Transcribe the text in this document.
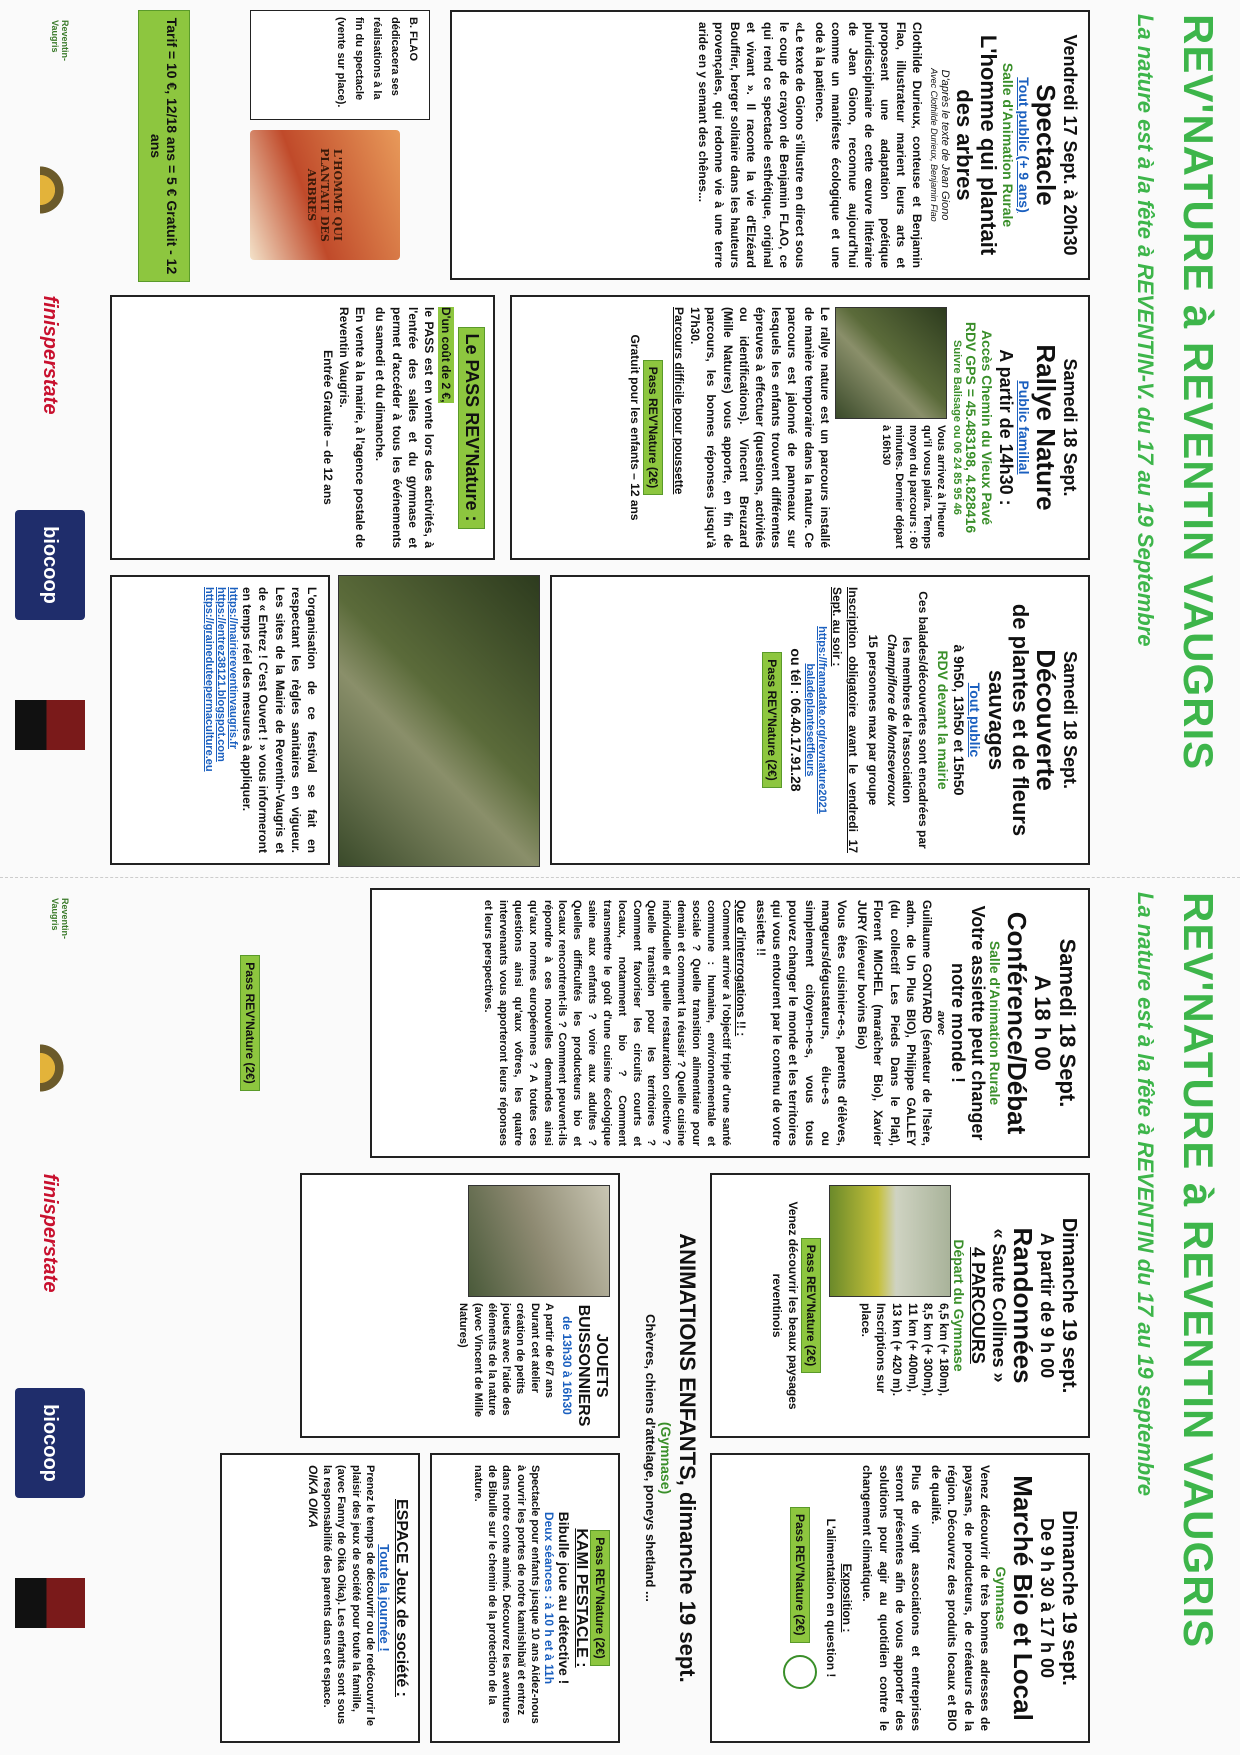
REV'NATURE à REVENTIN VAUGRIS
La nature est à la fête à REVENTIN-V. du 17 au 19 Septembre
Vendredi 17 Sept. à 20h30
Spectacle
Tout public (+ 9 ans)
Salle d'Animation Rurale
L'homme qui plantait des arbres
D'après le texte de Jean Giono
Avec Clothilde Durieux, Benjamin Flao
Clothilde Durieux, conteuse et Benjamin Flao, illustrateur marient leurs arts et proposent une adaptation poétique pluridisciplinaire de cette œuvre littéraire de Jean Giono, reconnue aujourd'hui comme un manifeste écologique et une ode à la patience.
«Le texte de Giono s'illustre en direct sous le coup de crayon de Benjamin FLAO, ce qui rend ce spectacle esthétique, original et vivant ». Il raconte la vie d'Elzéard Bouffier, berger solitaire dans les hauteurs provençales, qui redonne vie à une terre aride en y semant des chênes...
L'HOMME QUI PLANTAIT DES ARBRES
B. FLAO dédicacera ses réalisations à la fin du spectacle (vente sur place).
Tarif = 10 €, 12/18 ans = 5 € Gratuit - 12 ans
Samedi 18 Sept.
Rallye Nature
Public familial
A partir de 14h30 :
Accès Chemin du Vieux Pavé
RDV GPS = 45.483198, 4.828416
Suivre Balisage ou 06 24 85 95 46
Vous arrivez à l'heure qu'il vous plaira. Temps moyen du parcours : 60 minutes. Dernier départ à 16h30
Le rallye nature est un parcours installé de manière temporaire dans la nature. Ce parcours est jalonné de panneaux sur lesquels les enfants trouvent différentes épreuves à effectuer (questions, activités ou identifications). Vincent Breuzard (Mille Natures) vous apporte, en fin de parcours, les bonnes réponses jusqu'à 17h30.
Parcours difficile pour poussette
Pass REV'Nature (2€)
Gratuit pour les enfants – 12 ans
Le PASS REV'Nature :
D'un coût de 2 €,
le PASS est en vente lors des activités, à l'entrée des salles et du gymnase et permet d'accéder à tous les événements du samedi et du dimanche.
En vente à la mairie, à l'agence postale de Reventin Vaugris.
Entrée Gratuite – de 12 ans
Samedi 18 Sept.
Découverte
de plantes et de fleurs sauvages
Tout public
à 9h50, 13h50 et 15h50
RDV devant la mairie
Ces balades/découvertes sont encadrées par les membres de l'association
Champiflore de Montseveroux
15 personnes max par groupe
Inscription obligatoire avant le vendredi 17 Sept. au soir :
https://framadate.org/revnature2021
baladeplantesetfleurs
ou tél : 06.40.17.91.28
Pass REV'Nature (2€)
L'organisation de ce festival se fait en respectant les règles sanitaires en vigueur. Les sites de la Mairie de Reventin-Vaugris et de « Entrez ! C'est Ouvert ! » vous informeront en temps réel des mesures à appliquer.
https://mairiereventinvaugris.fr
https://entrez38121.blogspot.com
https://graineduteepermaculture.eu
Reventin-Vaugris
finisperstate
biocoop
REV'NATURE à REVENTIN VAUGRIS
La nature est à la fête à REVENTIN du 17 au 19 septembre
Samedi 18 Sept.
A 18 h 00
Conférence/Débat
Salle d'Animation Rurale
Votre assiette peut changer notre monde !
avec
Guillaume GONTARD (sénateur de l'Isère, adm. de Un Plus BIO), Philippe GALLEY (du collectif Les Pieds Dans le Plat), Florent MICHEL (maraîcher Bio), Xavier JURY (éleveur bovins Bio)
Vous êtes cuisinier-e-s, parents d'élèves, mangeurs/dégustateurs, élu-e-s ou simplement citoyen-ne-s, vous tous pouvez changer le monde et les territoires qui vous entourent par le contenu de votre assiette !!
Que d'interrogations !! :
Comment arriver à l'objectif triple d'une santé commune : humaine, environnementale et sociale ? Quelle transition alimentaire pour demain et comment la réussir ? Quelle cuisine individuelle et quelle restauration collective ? Quelle transition pour les territoires ? Comment favoriser les circuits courts et locaux, notamment bio ? Comment transmettre le goût d'une cuisine écologique saine aux enfants ? voire aux adultes ? Quelles difficultés les producteurs bio et locaux rencontrent-ils ? Comment peuvent-ils répondre à ces nouvelles demandes ainsi qu'aux normes européennes ? A toutes ces questions ainsi qu'aux vôtres, les quatre intervenants vous apporteront leurs réponses et leurs perspectives.
Pass REV'Nature (2€)
Dimanche 19 sept.
A partir de 9 h 00
Randonnées
« Saute Collines »
4 PARCOURS
Départ du Gymnase
6,5 km (+ 180m),
8,5 km (+ 300m),
11 km (+ 400m),
13 km (+ 420 m).
Inscriptions sur place.
Pass REV'Nature (2€)
Venez découvrir les beaux paysages reventinois
ANIMATIONS ENFANTS, dimanche 19 sept.
(Gymnase)
Chèvres, chiens d'attelage, poneys shetland ...
JOUETS BUISSONNIERS
de 13h30 à 16h30
A partir de 6/7 ans Durant cet atelier création de petits jouets avec l'aide des éléments de la nature (avec Vincent de Mille Natures)
Dimanche 19 sept.
De 9 h 30 à 17 h 00
Marché Bio et Local
Gymnase
Venez découvrir de très bonnes adresses de paysans, de producteurs, de créateurs de la région. Découvrez des produits locaux et BIO de qualité.
Plus de vingt associations et entreprises seront présentes afin de vous apporter des solutions pour agir au quotidien contre le changement climatique.
Exposition :
L'alimentation en question !
Pass REV'Nature (2€)
Pass REV'Nature (2€)
KAMI PESTACLE :
Bibulle joue au détective !
Deux séances : à 10 h et à 11h
Spectacle pour enfants jusque 10 ans Aidez-nous à ouvrir les portes de notre kamishibaï et entrez dans notre conte animé. Découvrez les aventures de Bibulle sur le chemin de la protection de la nature.
ESPACE Jeux de société :
Toute la journée !
Prenez le temps de découvrir ou de redécouvrir le plaisir des jeux de société pour toute la famille, (avec Fanny de Oika Oika). Les enfants sont sous la responsabilité des parents dans cet espace.
OIKA OIKA
Reventin-Vaugris
finisperstate
biocoop
